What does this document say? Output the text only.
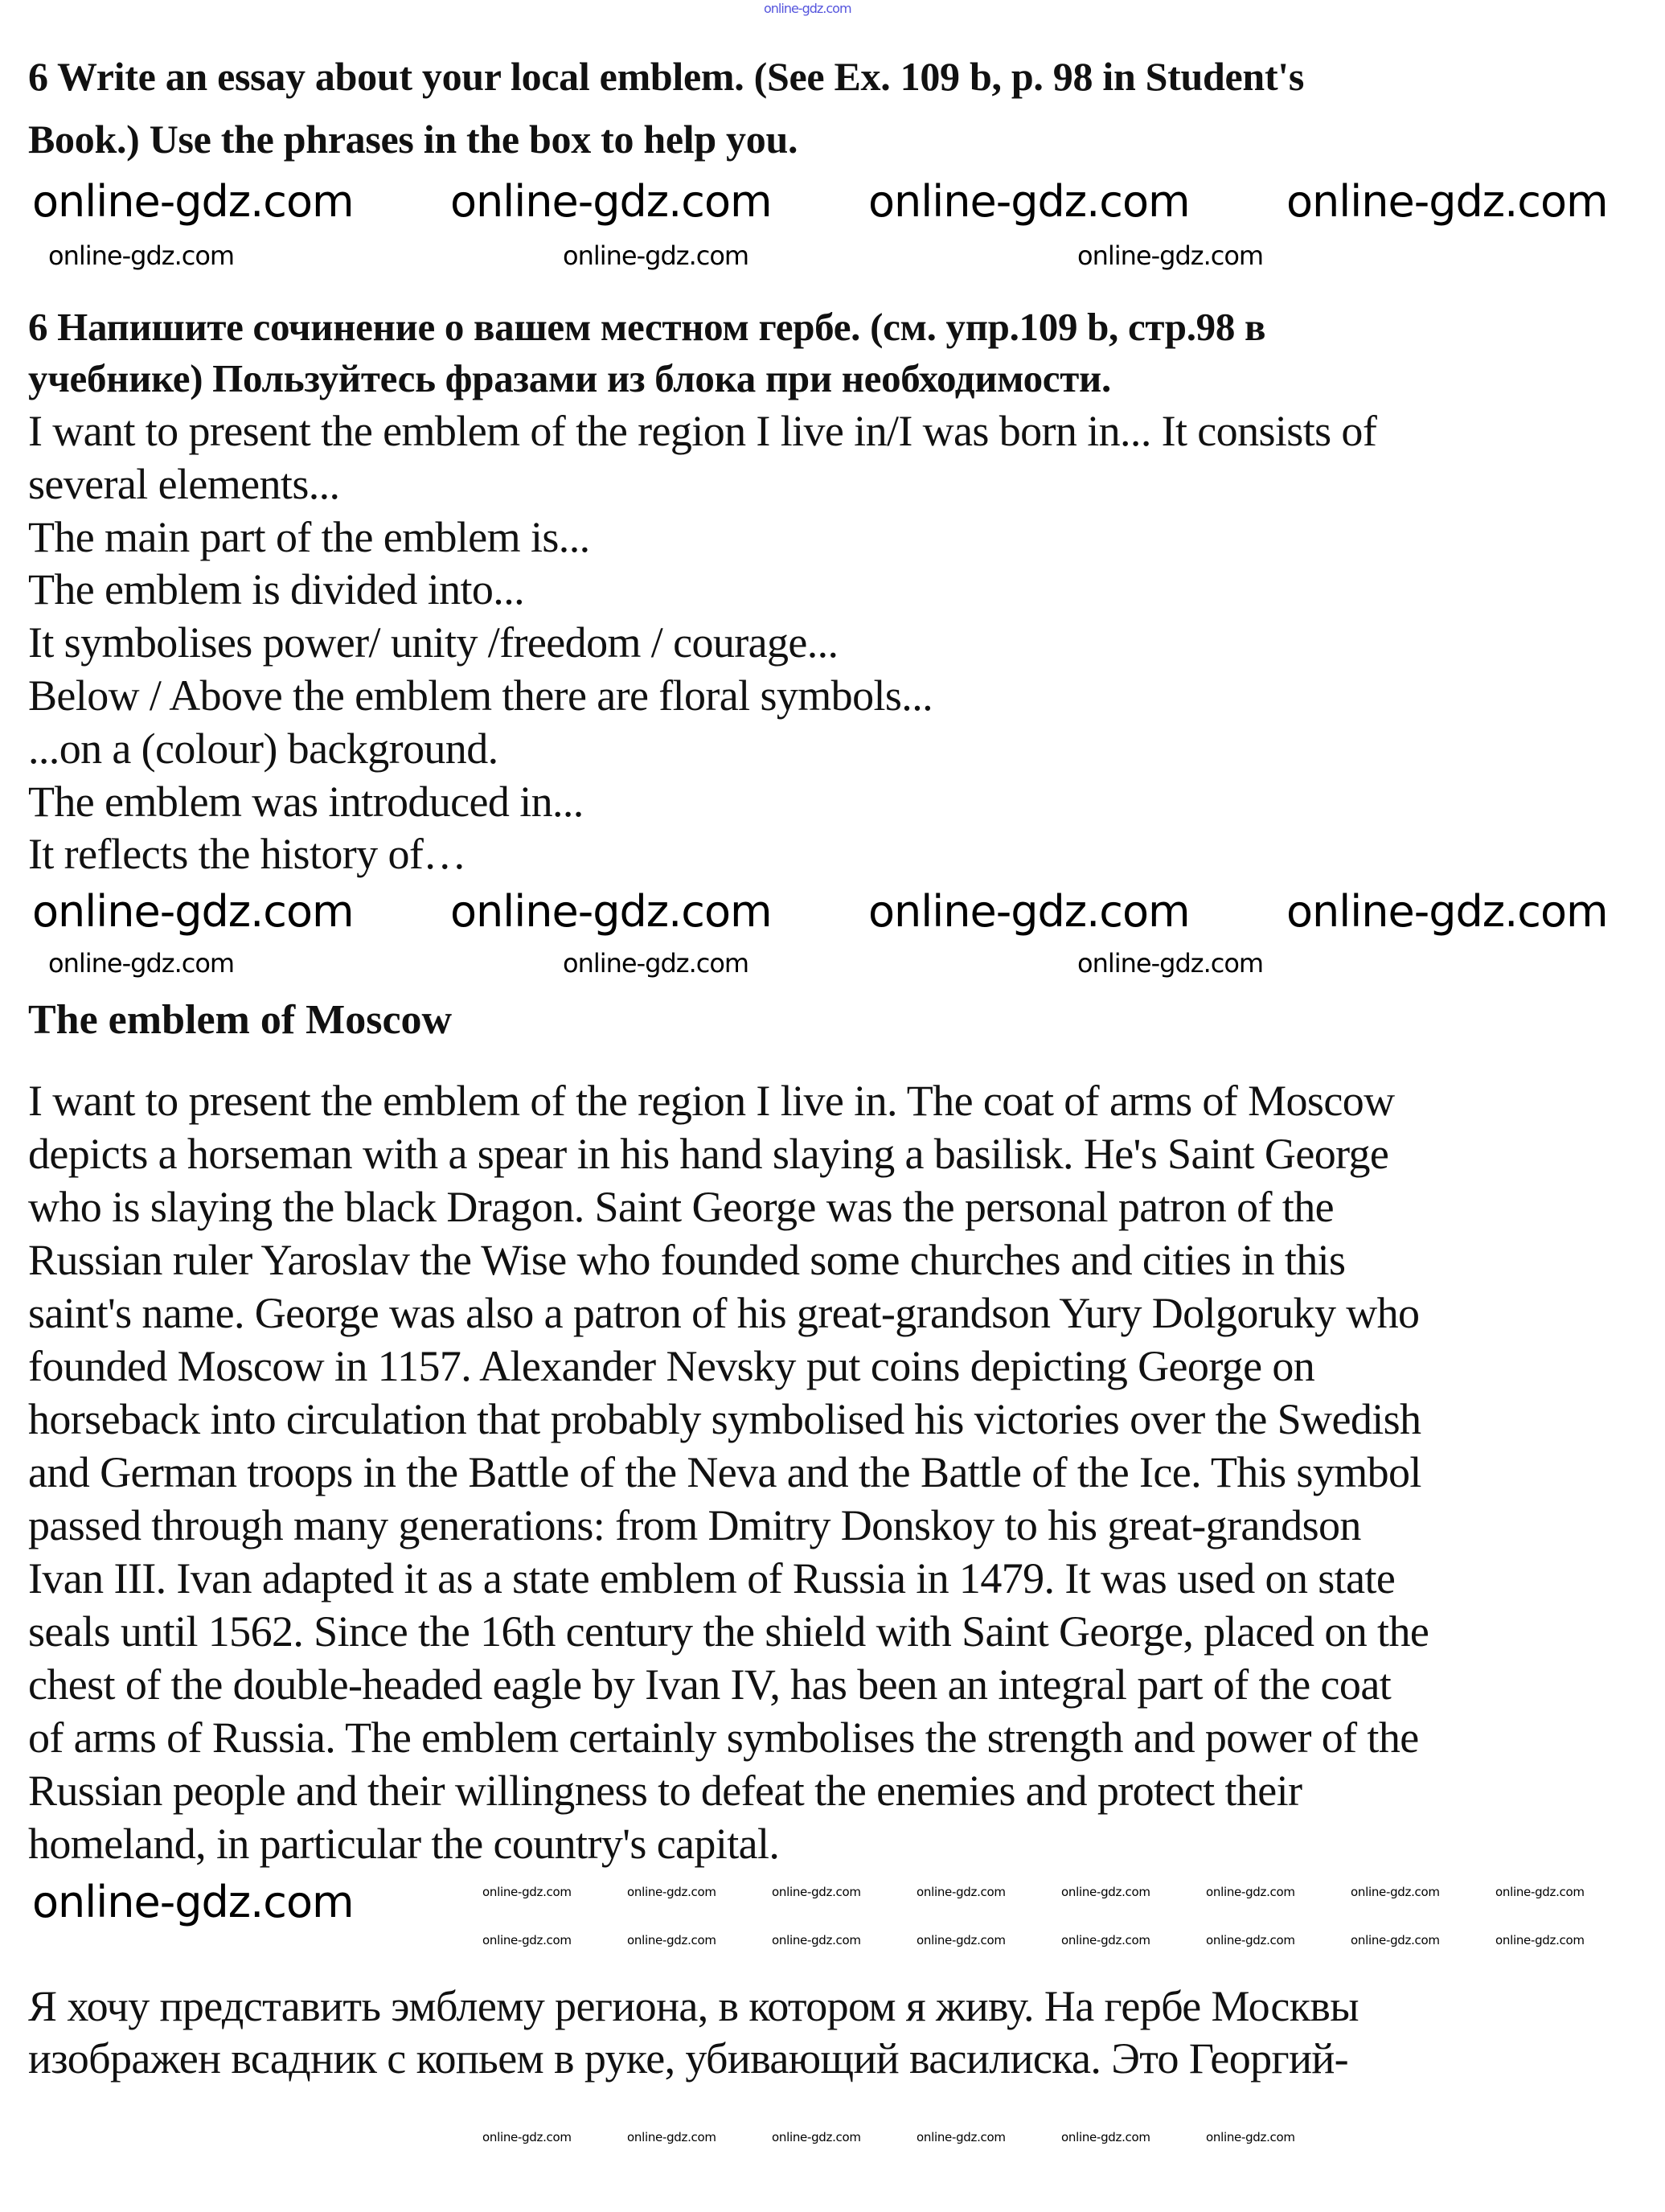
online-gdz.com
6 Write an essay about your local emblem. (See Ex. 109 b, p. 98 in Student's
Book.) Use the phrases in the box to help you.
6 Напишите сочинение о вашем местном гербе. (см. упр.109 b, стр.98 в
учебнике) Пользуйтесь фразами из блока при необходимости.
I want to present the emblem of the region I live in/I was born in... It consists of
several elements...
The main part of the emblem is...
The emblem is divided into...
It symbolises power/ unity /freedom / courage...
Below / Above the emblem there are floral symbols...
...on a (colour) background.
The emblem was introduced in...
It reflects the history of…
The emblem of Moscow
I want to present the emblem of the region I live in. The coat of arms of Moscow
depicts a horseman with a spear in his hand slaying a basilisk. He's Saint George
who is slaying the black Dragon. Saint George was the personal patron of the
Russian ruler Yaroslav the Wise who founded some churches and cities in this
saint's name. George was also a patron of his great-grandson Yury Dolgoruky who
founded Moscow in 1157. Alexander Nevsky put coins depicting George on
horseback into circulation that probably symbolised his victories over the Swedish
and German troops in the Battle of the Neva and the Battle of the Ice. This symbol
passed through many generations: from Dmitry Donskoy to his great-grandson
Ivan III. Ivan adapted it as a state emblem of Russia in 1479. It was used on state
seals until 1562. Since the 16th century the shield with Saint George, placed on the
chest of the double-headed eagle by Ivan IV, has been an integral part of the coat
of arms of Russia. The emblem certainly symbolises the strength and power of the
Russian people and their willingness to defeat the enemies and protect their
homeland, in particular the country's capital.
Я хочу представить эмблему региона, в котором я живу. На гербе Москвы
изображен всадник с копьем в руке, убивающий василиска. Это Георгий-
online-gdz.com online-gdz.com online-gdz.com online-gdz.com
online-gdz.com	online-gdz.com	online-gdz.com
online-gdz.com online-gdz.com online-gdz.com online-gdz.com
online-gdz.com	online-gdz.com	online-gdz.com
online-gdz.com	online-gdz.com	online-gdz.com	online-gdz.com	online-gdz.com	online-gdz.com	online-gdz.com	online-gdz.com	online-gdz.com
online-gdz.com	online-gdz.com	online-gdz.com	online-gdz.com	online-gdz.com	online-gdz.com	online-gdz.com	online-gdz.com
online-gdz.com	online-gdz.com	online-gdz.com	online-gdz.com	online-gdz.com	online-gdz.com
